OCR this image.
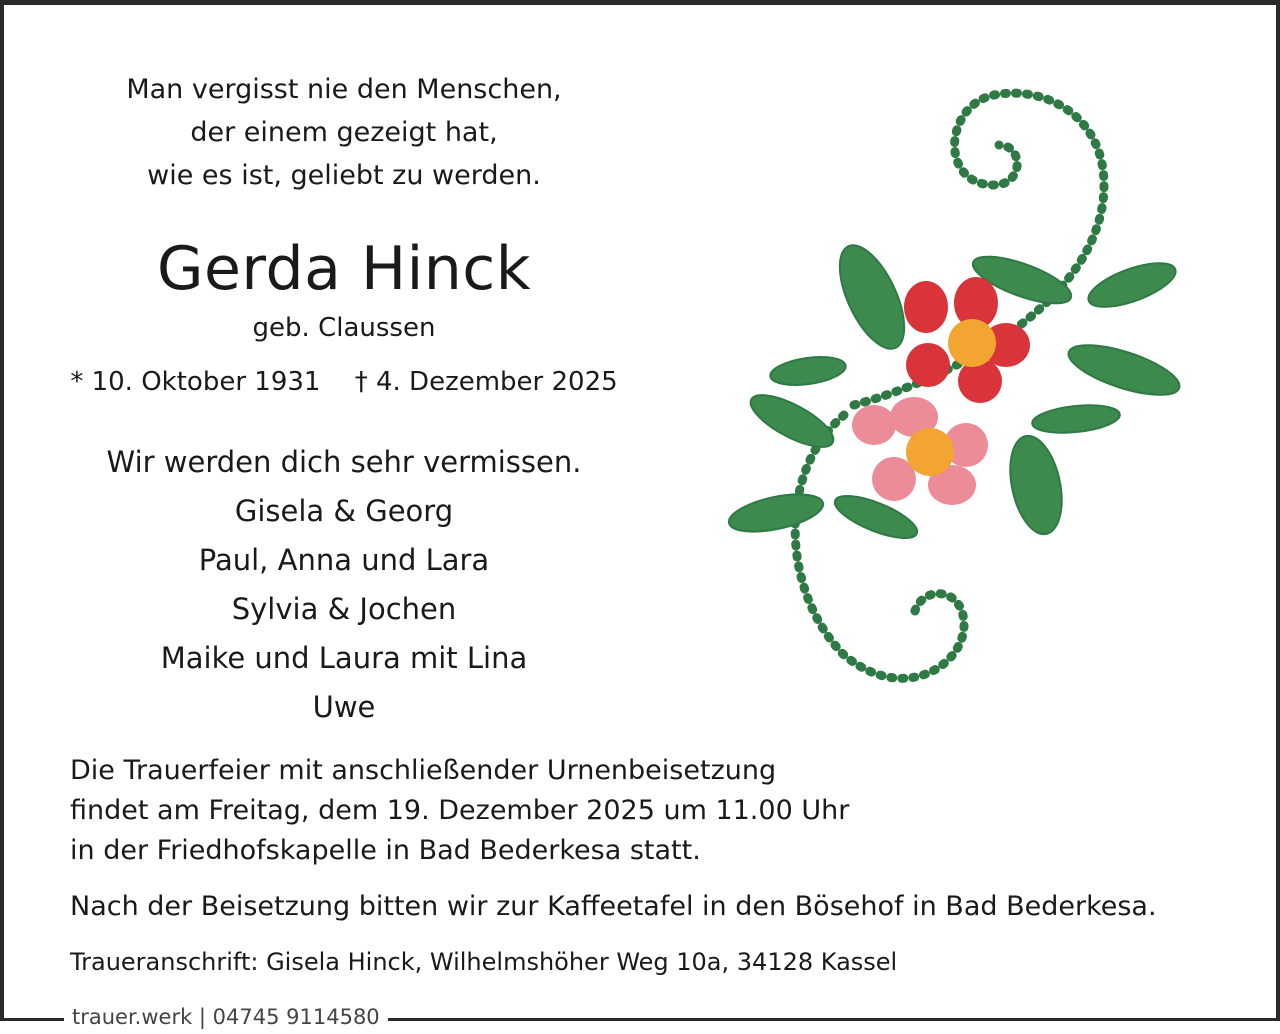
Man vergisst nie den Menschen,
der einem gezeigt hat,
wie es ist, geliebt zu werden.
Gerda Hinck
geb. Claussen
* 10. Oktober 1931 † 4. Dezember 2025
Wir werden dich sehr vermissen.
Gisela & Georg
Paul, Anna und Lara
Sylvia & Jochen
Maike und Laura mit Lina
Uwe
Die Trauerfeier mit anschließender Urnenbeisetzung
findet am Freitag, dem 19. Dezember 2025 um 11.00 Uhr
in der Friedhofskapelle in Bad Bederkesa statt.
Nach der Beisetzung bitten wir zur Kaffeetafel in den Bösehof in Bad Bederkesa.
Traueranschrift: Gisela Hinck, Wilhelmshöher Weg 10a, 34128 Kassel
trauer.werk | 04745 9114580
